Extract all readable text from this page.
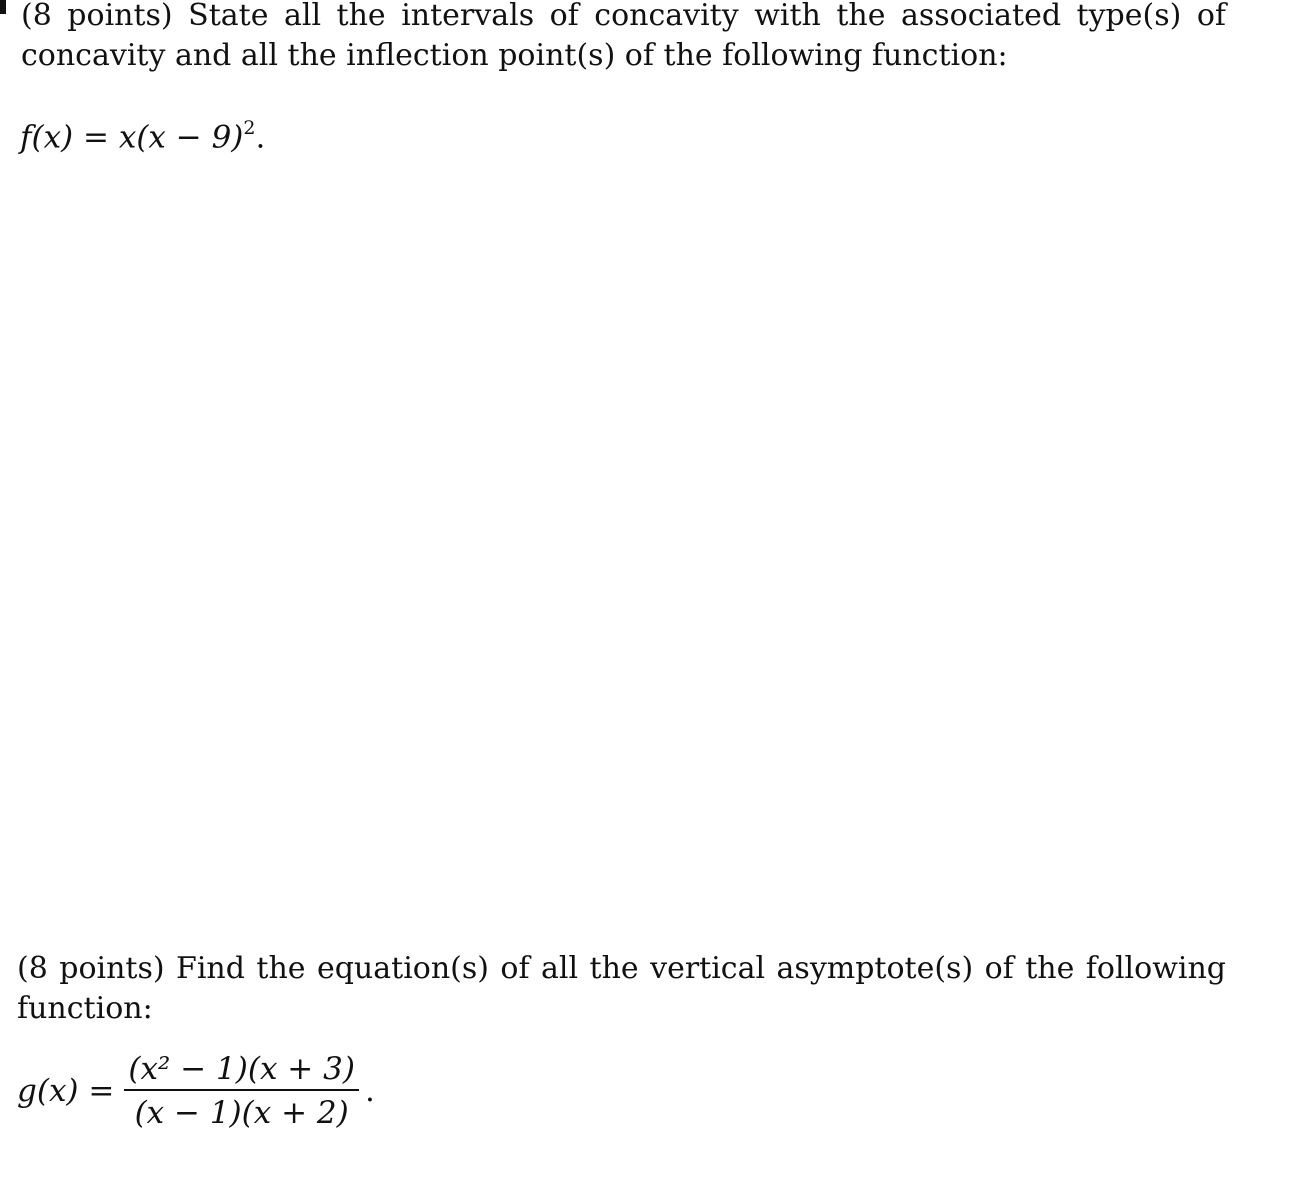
(8 points) State all the intervals of concavity with the associated type(s) of concavity and all the inflection point(s) of the following function:

$f(x) = x(x - 9)^2$.

(8 points) Find the equation(s) of all the vertical asymptote(s) of the following function:

$g(x) = \frac{\text{(x² − 1)(x + 3)}}{(x - 1)(x + 2)}$ .
